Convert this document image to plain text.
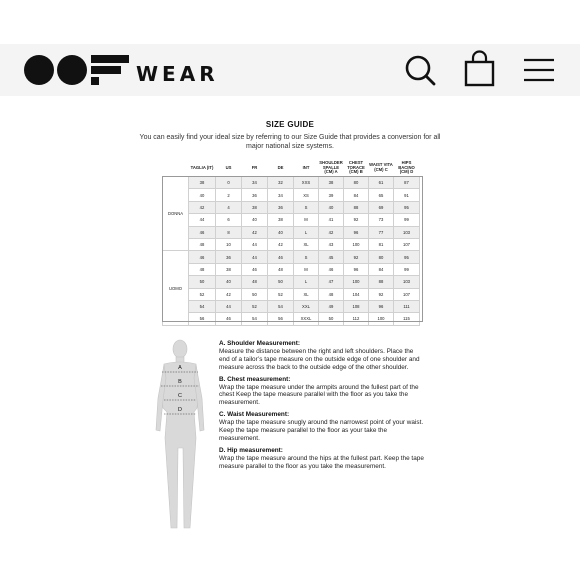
WEAR
SIZE GUIDE
You can easily find your ideal size by referring to our Size Guide that provides a conversion for all major national size systems.
	TAGLIA (IT)	US	FR	DE	INT	SHOULDER SPALLE (CM) A	CHEST TORACE (CM) B	WAIST VITA (CM) C	HIPS BACINO (CM) D
DONNA	38	0	34	32	XXS	38	80	61	87
	40	2	36	34	XS	39	84	65	91
	42	4	38	36	S	40	88	69	95
	44	6	40	38	M	41	92	73	99
	46	8	42	40	L	42	96	77	103
	48	10	44	42	XL	43	100	81	107
UOMO	46	36	44	46	S	45	92	80	95
	48	38	46	48	M	46	96	84	99
	50	40	48	50	L	47	100	88	103
	52	42	50	52	XL	48	104	92	107
	54	44	52	54	XXL	49	108	96	111
	56	46	54	56	XXXL	50	112	100	115
A
B
C
D
A. Shoulder Measurement:
Measure the distance between the right and left shoulders. Place the end of a tailor’s tape measure on the outside edge of one shoulder and measure across the back to the outside edge of the other shoulder.
B. Chest measurement:
Wrap the tape measure under the armpits around the fullest part of the chest Keep the tape measure parallel with the floor as you take the measurement.
C. Waist Measurement:
Wrap the tape measure snugly around the narrowest point of your waist. Keep the tape measure parallel to the floor as your take the measurement.
D. Hip measurement:
Wrap the tape measure around the hips at the fullest part. Keep the tape measure parallel to the floor as you take the measurement.
